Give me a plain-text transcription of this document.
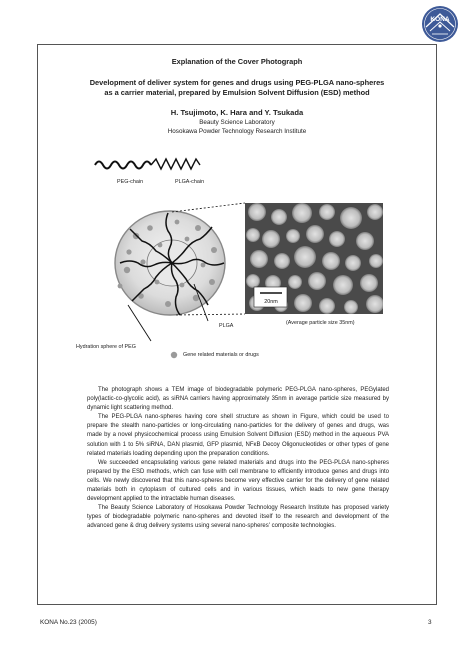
KONA
Explanation of the Cover Photograph
Development of deliver system for genes and drugs using PEG-PLGA nano-spheres
as a carrier material, prepared by Emulsion Solvent Diffusion (ESD) method
H. Tsujimoto, K. Hara and Y. Tsukada
Beauty Science Laboratory
Hosokawa Powder Technology Research Institute
20nm
PEG-chain	PLGA-chain
PLGA
Hydration sphere of PEG
Gene related materials or drugs
(Average particle size 35nm)

The photograph shows a TEM image of biodegradable polymeric PEG-PLGA nano-spheres, PEGylated poly(lactic-co-glycolic acid), as siRNA carriers having approximately 35nm in average particle size measured by dynamic light scattering method.

The PEG-PLGA nano-spheres having core shell structure as shown in Figure, which could be used to prepare the stealth nano-particles or long-circulating nano-particles for the delivery of genes and drugs, was made by a novel physicochemical process using Emulsion Solvent Diffusion (ESD) method in the aqueous PVA solution with 1 to 5% siRNA, DAN plasmid, GFP plasmid, NFκB Decoy Oligonucleotides or other types of gene related materials loading depending upon the preparation conditions.

We succeeded encapsulating various gene related materials and drugs into the PEG-PLGA nano-spheres prepared by the ESD methods, which can fuse with cell membrane to efficiently introduce genes and drugs into cells. We newly discovered that this nano-spheres become very effective carrier for the delivery of gene related materials both in cytoplasm of cultured cells and in various tissues, which leads to new gene therapy development applied to the intractable human diseases.

The Beauty Science Laboratory of Hosokawa Powder Technology Research Institute has proposed variety types of biodegradable polymeric nano-spheres and devoted itself to the research and development of the advanced gene & drug delivery systems using several nano-spheres' composite technologies.

KONA No.23 (2005)	3
